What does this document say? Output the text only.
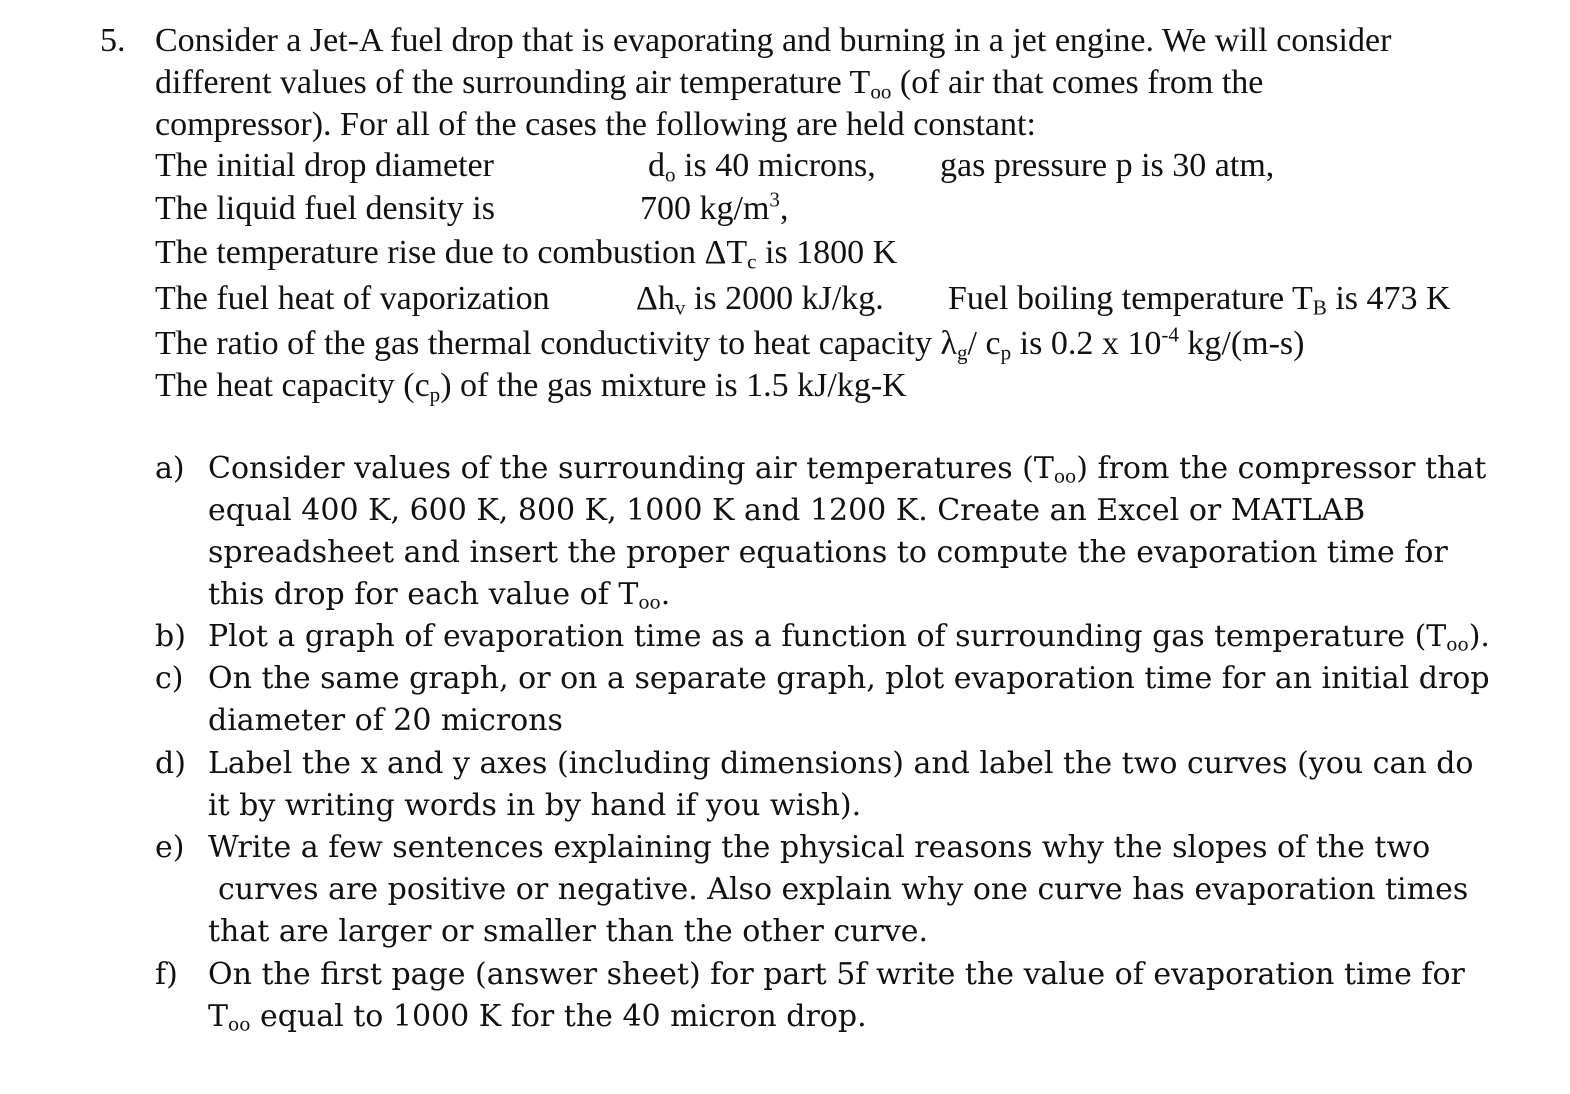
5. Consider a Jet-A fuel drop that is evaporating and burning in a jet engine. We will consider
different values of the surrounding air temperature $T_{oo}$ (of air that comes from the
compressor). For all of the cases the following are held constant:
The initial drop diameter	$d_o$ is 40 microns, gas pressure p is 30 atm,
The liquid fuel density is	700 $kg/m^3$,
The temperature rise due to combustion $\Delta T_c$ is 1800 K
The fuel heat of vaporization	$\Delta h_v$ is 2000 kJ/kg. Fuel boiling temperature $T_B$ is 473 K
The ratio of the gas thermal conductivity to heat capacity $\lambda_g/$ $c_p$ is 0.2 x $10^{-4}$ kg/(m-s)
The heat capacity $(c_p)$ of the gas mixture is 1.5 kJ/kg-K
a) Consider values of the surrounding air temperatures $(T_{oo})$ from the compressor that
equal 400 K, 600 K, 800 K, 1000 K and 1200 K. Create an Excel or MATLAB
spreadsheet and insert the proper equations to compute the evaporation time for
this drop for each value of $T_{oo}$.
b) Plot a graph of evaporation time as a function of surrounding gas temperature $(T_{oo})$.
c) On the same graph, or on a separate graph, plot evaporation time for an initial drop
diameter of 20 microns
d) Label the x and y axes (including dimensions) and label the two curves (you can do
it by writing words in by hand if you wish).
e) Write a few sentences explaining the physical reasons why the slopes of the two
curves are positive or negative. Also explain why one curve has evaporation times
that are larger or smaller than the other curve.
f) On the first page (answer sheet) for part 5f write the value of evaporation time for
$T_{oo}$ equal to 1000 K for the 40 micron drop.
